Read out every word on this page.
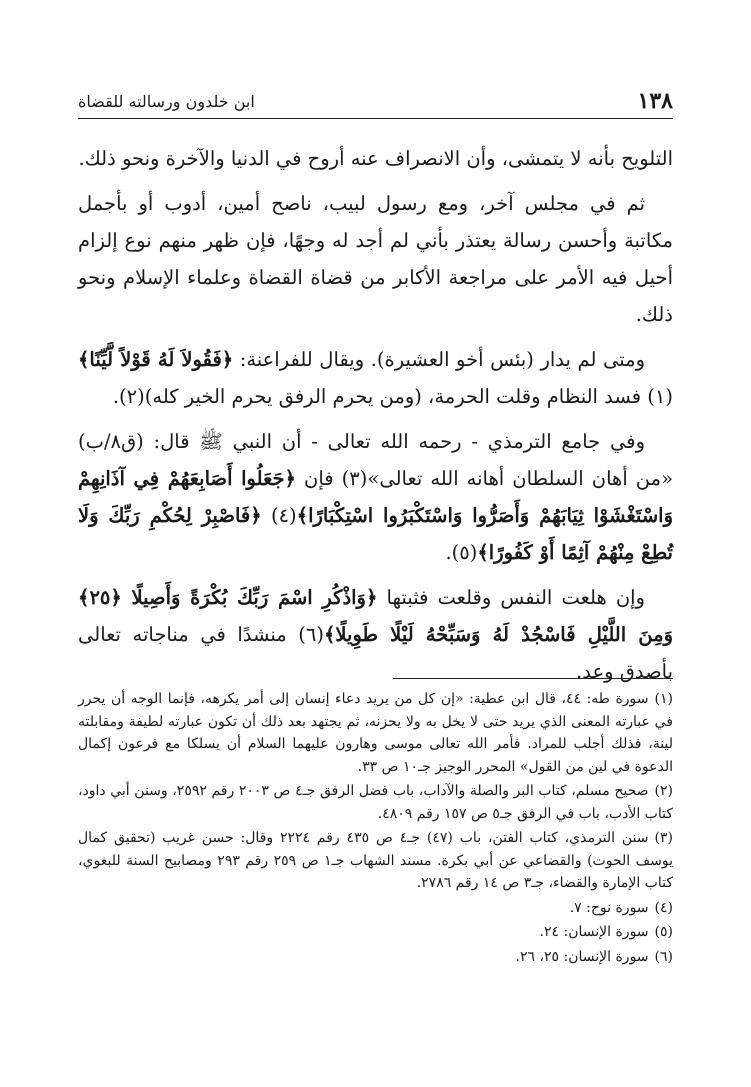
١٣٨
ابن خلدون ورسالته للقضاة

التلويح بأنه لا يتمشى، وأن الانصراف عنه أروح في الدنيا والآخرة ونحو ذلك.

ثم في مجلس آخر، ومع رسول لبيب، ناصح أمين، أدوب أو بأجمل مكاتبة وأحسن رسالة يعتذر بأني لم أجد له وجهًا، فإن ظهر منهم نوع إلزام أحيل فيه الأمر على مراجعة الأكابر من قضاة القضاة وعلماء الإسلام ونحو ذلك.

ومتى لم يدار (بئس أخو العشيرة). ويقال للفراعنة: ﴿فَقُولاَ لَهُ قَوْلاً لَّيِّنًا﴾(١) فسد النظام وقلت الحرمة، (ومن يحرم الرفق يحرم الخير كله)(٢).

وفي جامع الترمذي - رحمه الله تعالى - أن النبي ﷺ قال: (ق٨/ب) «من أهان السلطان أهانه الله تعالى»(٣) فإن ﴿جَعَلُوا أَصَابِعَهُمْ فِي آذَانِهِمْ وَاسْتَغْشَوْا ثِيَابَهُمْ وَأَصَرُّوا وَاسْتَكْبَرُوا اسْتِكْبَارًا﴾(٤) ﴿فَاصْبِرْ لِحُكْمِ رَبِّكَ وَلَا تُطِعْ مِنْهُمْ آثِمًا أَوْ كَفُورًا﴾(٥).

وإن هلعت النفس وقلعت فثبتها ﴿وَاذْكُرِ اسْمَ رَبِّكَ بُكْرَةً وَأَصِيلًا ﴿٢٥﴾ وَمِنَ اللَّيْلِ فَاسْجُدْ لَهُ وَسَبِّحْهُ لَيْلًا طَوِيلًا﴾(٦) منشدًا في مناجاته تعالى بأصدق وعد.

(١)سورة طه: ٤٤، قال ابن عطية: «إن كل من يريد دعاء إنسان إلى أمر يكرهه، فإنما الوجه أن يحرر في عبارته المعنى الذي يريد حتى لا يخل به ولا يحزنه، ثم يجتهد بعد ذلك أن تكون عبارته لطيفة ومقابلته لينة، فذلك أجلب للمراد. فأمر الله تعالى موسى وهارون عليهما السلام أن يسلكا مع فرعون إكمال الدعوة في لين من القول» المحرر الوجيز جـ١٠ ص ٣٣.
(٢)صحيح مسلم، كتاب البر والصلة والآداب، باب فضل الرفق جـ٤ ص ٢٠٠٣ رقم ٢٥٩٢، وسنن أبي داود، كتاب الأدب، باب في الرفق جـ٥ ص ١٥٧ رقم ٤٨٠٩.
(٣)سنن الترمذي، كتاب الفتن، باب (٤٧) جـ٤ ص ٤٣٥ رقم ٢٢٢٤ وقال: حسن غريب (تحقيق كمال يوسف الحوت) والقضاعي عن أبي بكرة. مسند الشهاب جـ١ ص ٢٥٩ رقم ٢٩٣ ومصابيح السنة للبغوي، كتاب الإمارة والقضاء، جـ٣ ص ١٤ رقم ٢٧٨٦.
(٤)سورة نوح: ٧.
(٥)سورة الإنسان: ٢٤.
(٦)سورة الإنسان: ٢٥، ٢٦.
